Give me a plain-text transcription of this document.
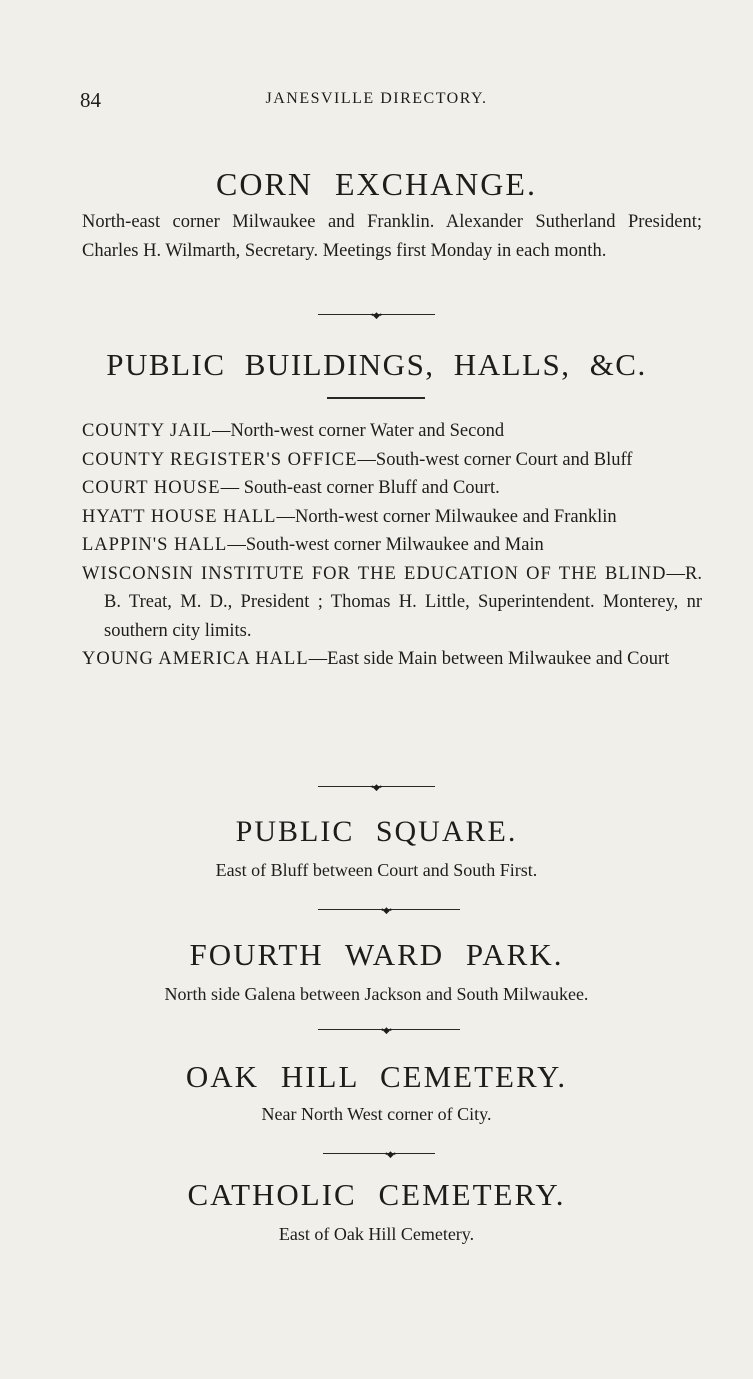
84	JANESVILLE DIRECTORY.
CORN EXCHANGE.

North-east corner Milwaukee and Franklin. Alexander Sutherland President; Charles H. Wilmarth, Secretary. Meetings first Monday in each month.

•◆•
PUBLIC BUILDINGS, HALLS, &C.

COUNTY JAIL—North-west corner Water and Second

COUNTY REGISTER'S OFFICE—South-west corner Court and Bluff

COURT HOUSE— South-east corner Bluff and Court.

HYATT HOUSE HALL—North-west corner Milwaukee and Franklin

LAPPIN'S HALL—South-west corner Milwaukee and Main

WISCONSIN INSTITUTE FOR THE EDUCATION OF THE BLIND—R. B. Treat, M. D., President ; Thomas H. Little, Superintendent. Monterey, nr southern city limits.

YOUNG AMERICA HALL—East side Main between Milwaukee and Court

•◆•
PUBLIC SQUARE.
East of Bluff between Court and South First.
•◆•
FOURTH WARD PARK.
North side Galena between Jackson and South Milwaukee.
•◆•
OAK HILL CEMETERY.
Near North West corner of City.
•◆•
CATHOLIC CEMETERY.
East of Oak Hill Cemetery.
